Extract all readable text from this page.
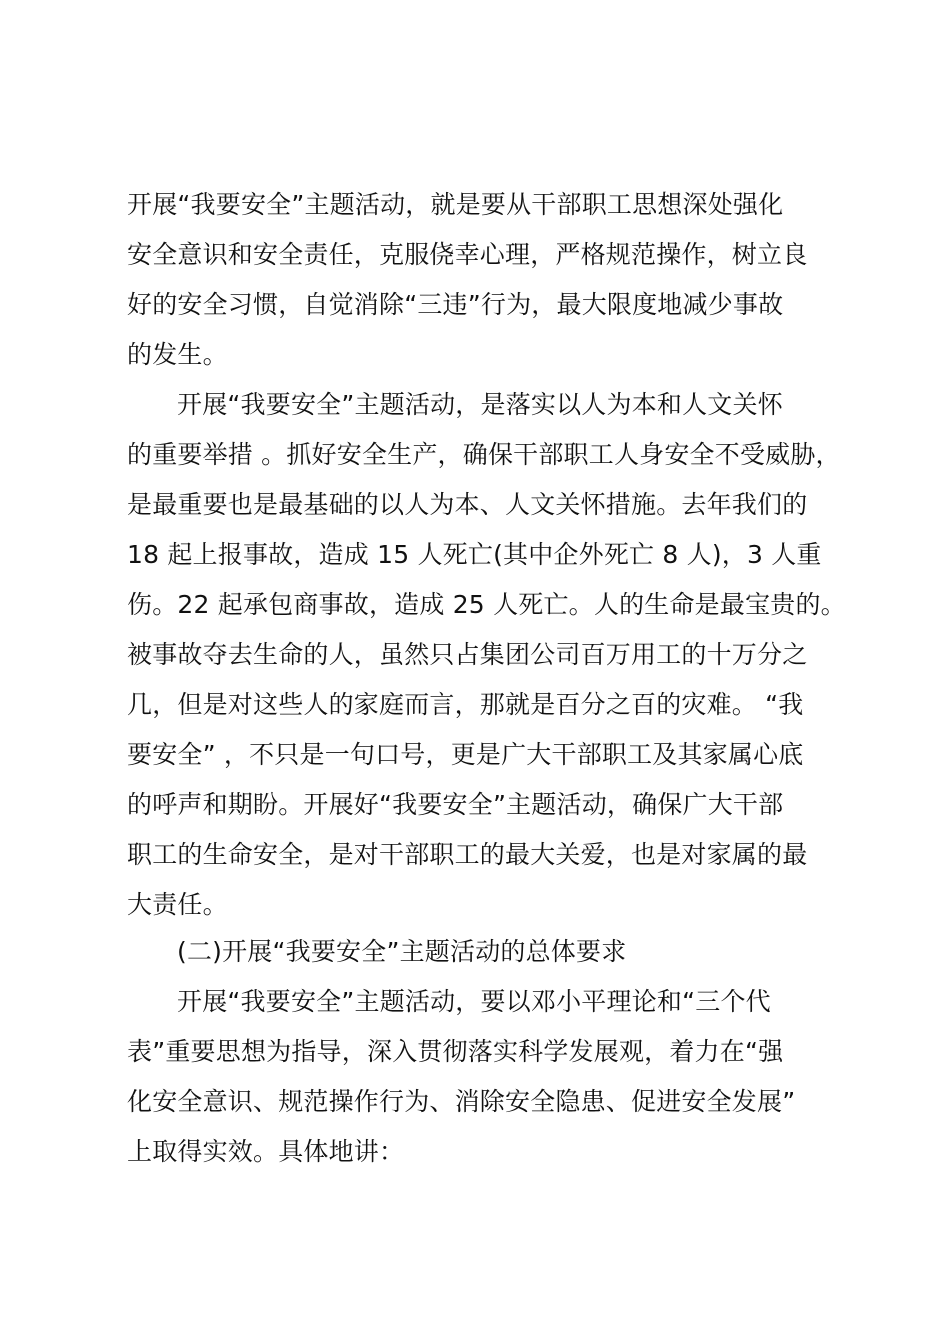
开展“我要安全”主题活动，就是要从干部职工思想深处强化
安全意识和安全责任，克服侥幸心理，严格规范操作，树立良
好的安全习惯，自觉消除“三违”行为，最大限度地减少事故
的发生。
开展“我要安全”主题活动，是落实以人为本和人文关怀
的重要举措 。抓好安全生产，确保干部职工人身安全不受威胁，
是最重要也是最基础的以人为本、人文关怀措施。去年我们的
18 起上报事故，造成 15 人死亡(其中企外死亡 8 人)，3 人重
伤。22 起承包商事故，造成 25 人死亡。人的生命是最宝贵的。
被事故夺去生命的人，虽然只占集团公司百万用工的十万分之
几，但是对这些人的家庭而言，那就是百分之百的灾难。 “我
要安全” ，不只是一句口号，更是广大干部职工及其家属心底
的呼声和期盼。开展好“我要安全”主题活动，确保广大干部
职工的生命安全，是对干部职工的最大关爱，也是对家属的最
大责任。
(二)开展“我要安全”主题活动的总体要求
开展“我要安全”主题活动，要以邓小平理论和“三个代
表”重要思想为指导，深入贯彻落实科学发展观，着力在“强
化安全意识、规范操作行为、消除安全隐患、促进安全发展”
上取得实效。具体地讲：
